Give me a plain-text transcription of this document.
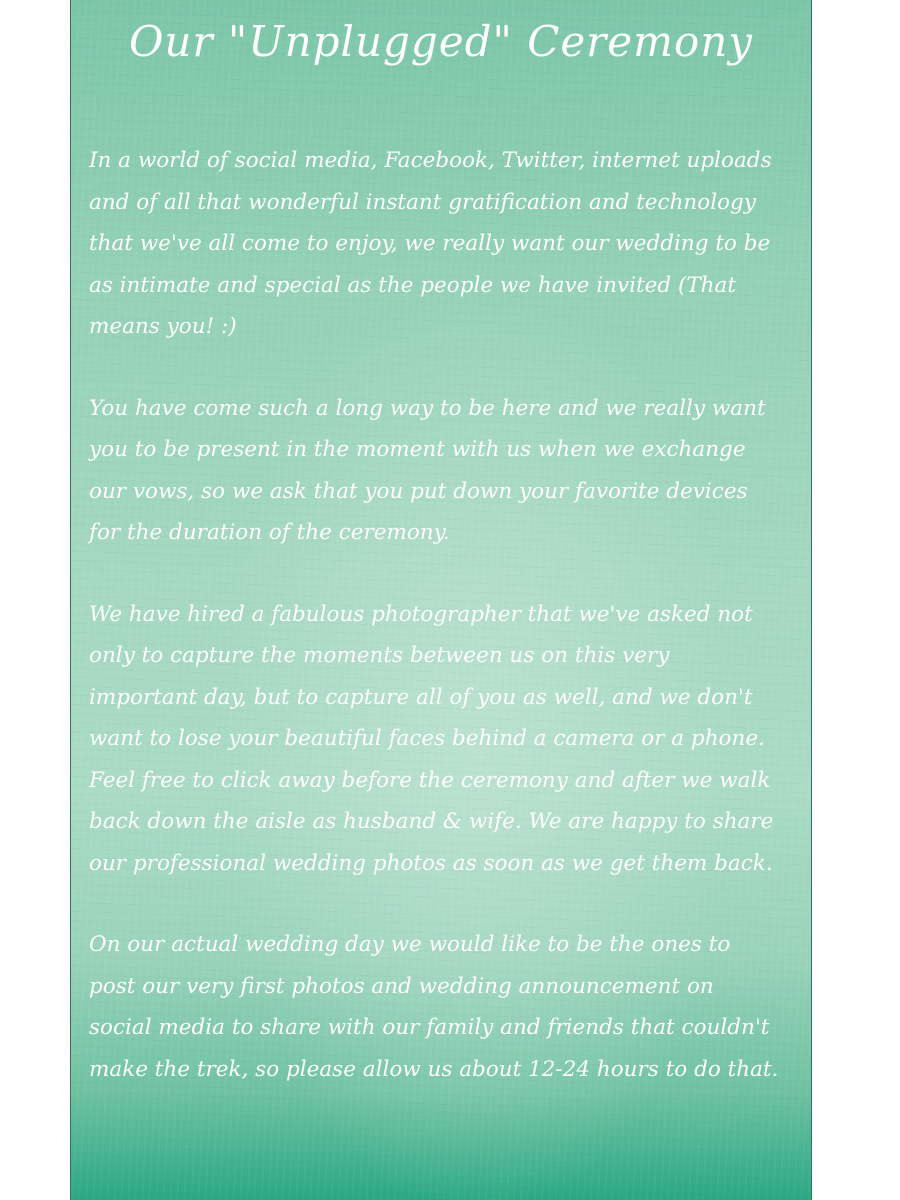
Our "Unplugged" Ceremony

In a world of social media, Facebook, Twitter, internet uploads and of all that wonderful instant gratification and technology that we've all come to enjoy, we really want our wedding to be as intimate and special as the people we have invited (That means you! :)

You have come such a long way to be here and we really want you to be present in the moment with us when we exchange our vows, so we ask that you put down your favorite devices for the duration of the ceremony.

We have hired a fabulous photographer that we've asked not only to capture the moments between us on this very important day, but to capture all of you as well, and we don't want to lose your beautiful faces behind a camera or a phone. Feel free to click away before the ceremony and after we walk back down the aisle as husband & wife. We are happy to share our professional wedding photos as soon as we get them back.

On our actual wedding day we would like to be the ones to post our very first photos and wedding announcement on social media to share with our family and friends that couldn't make the trek, so please allow us about 12-24 hours to do that.
